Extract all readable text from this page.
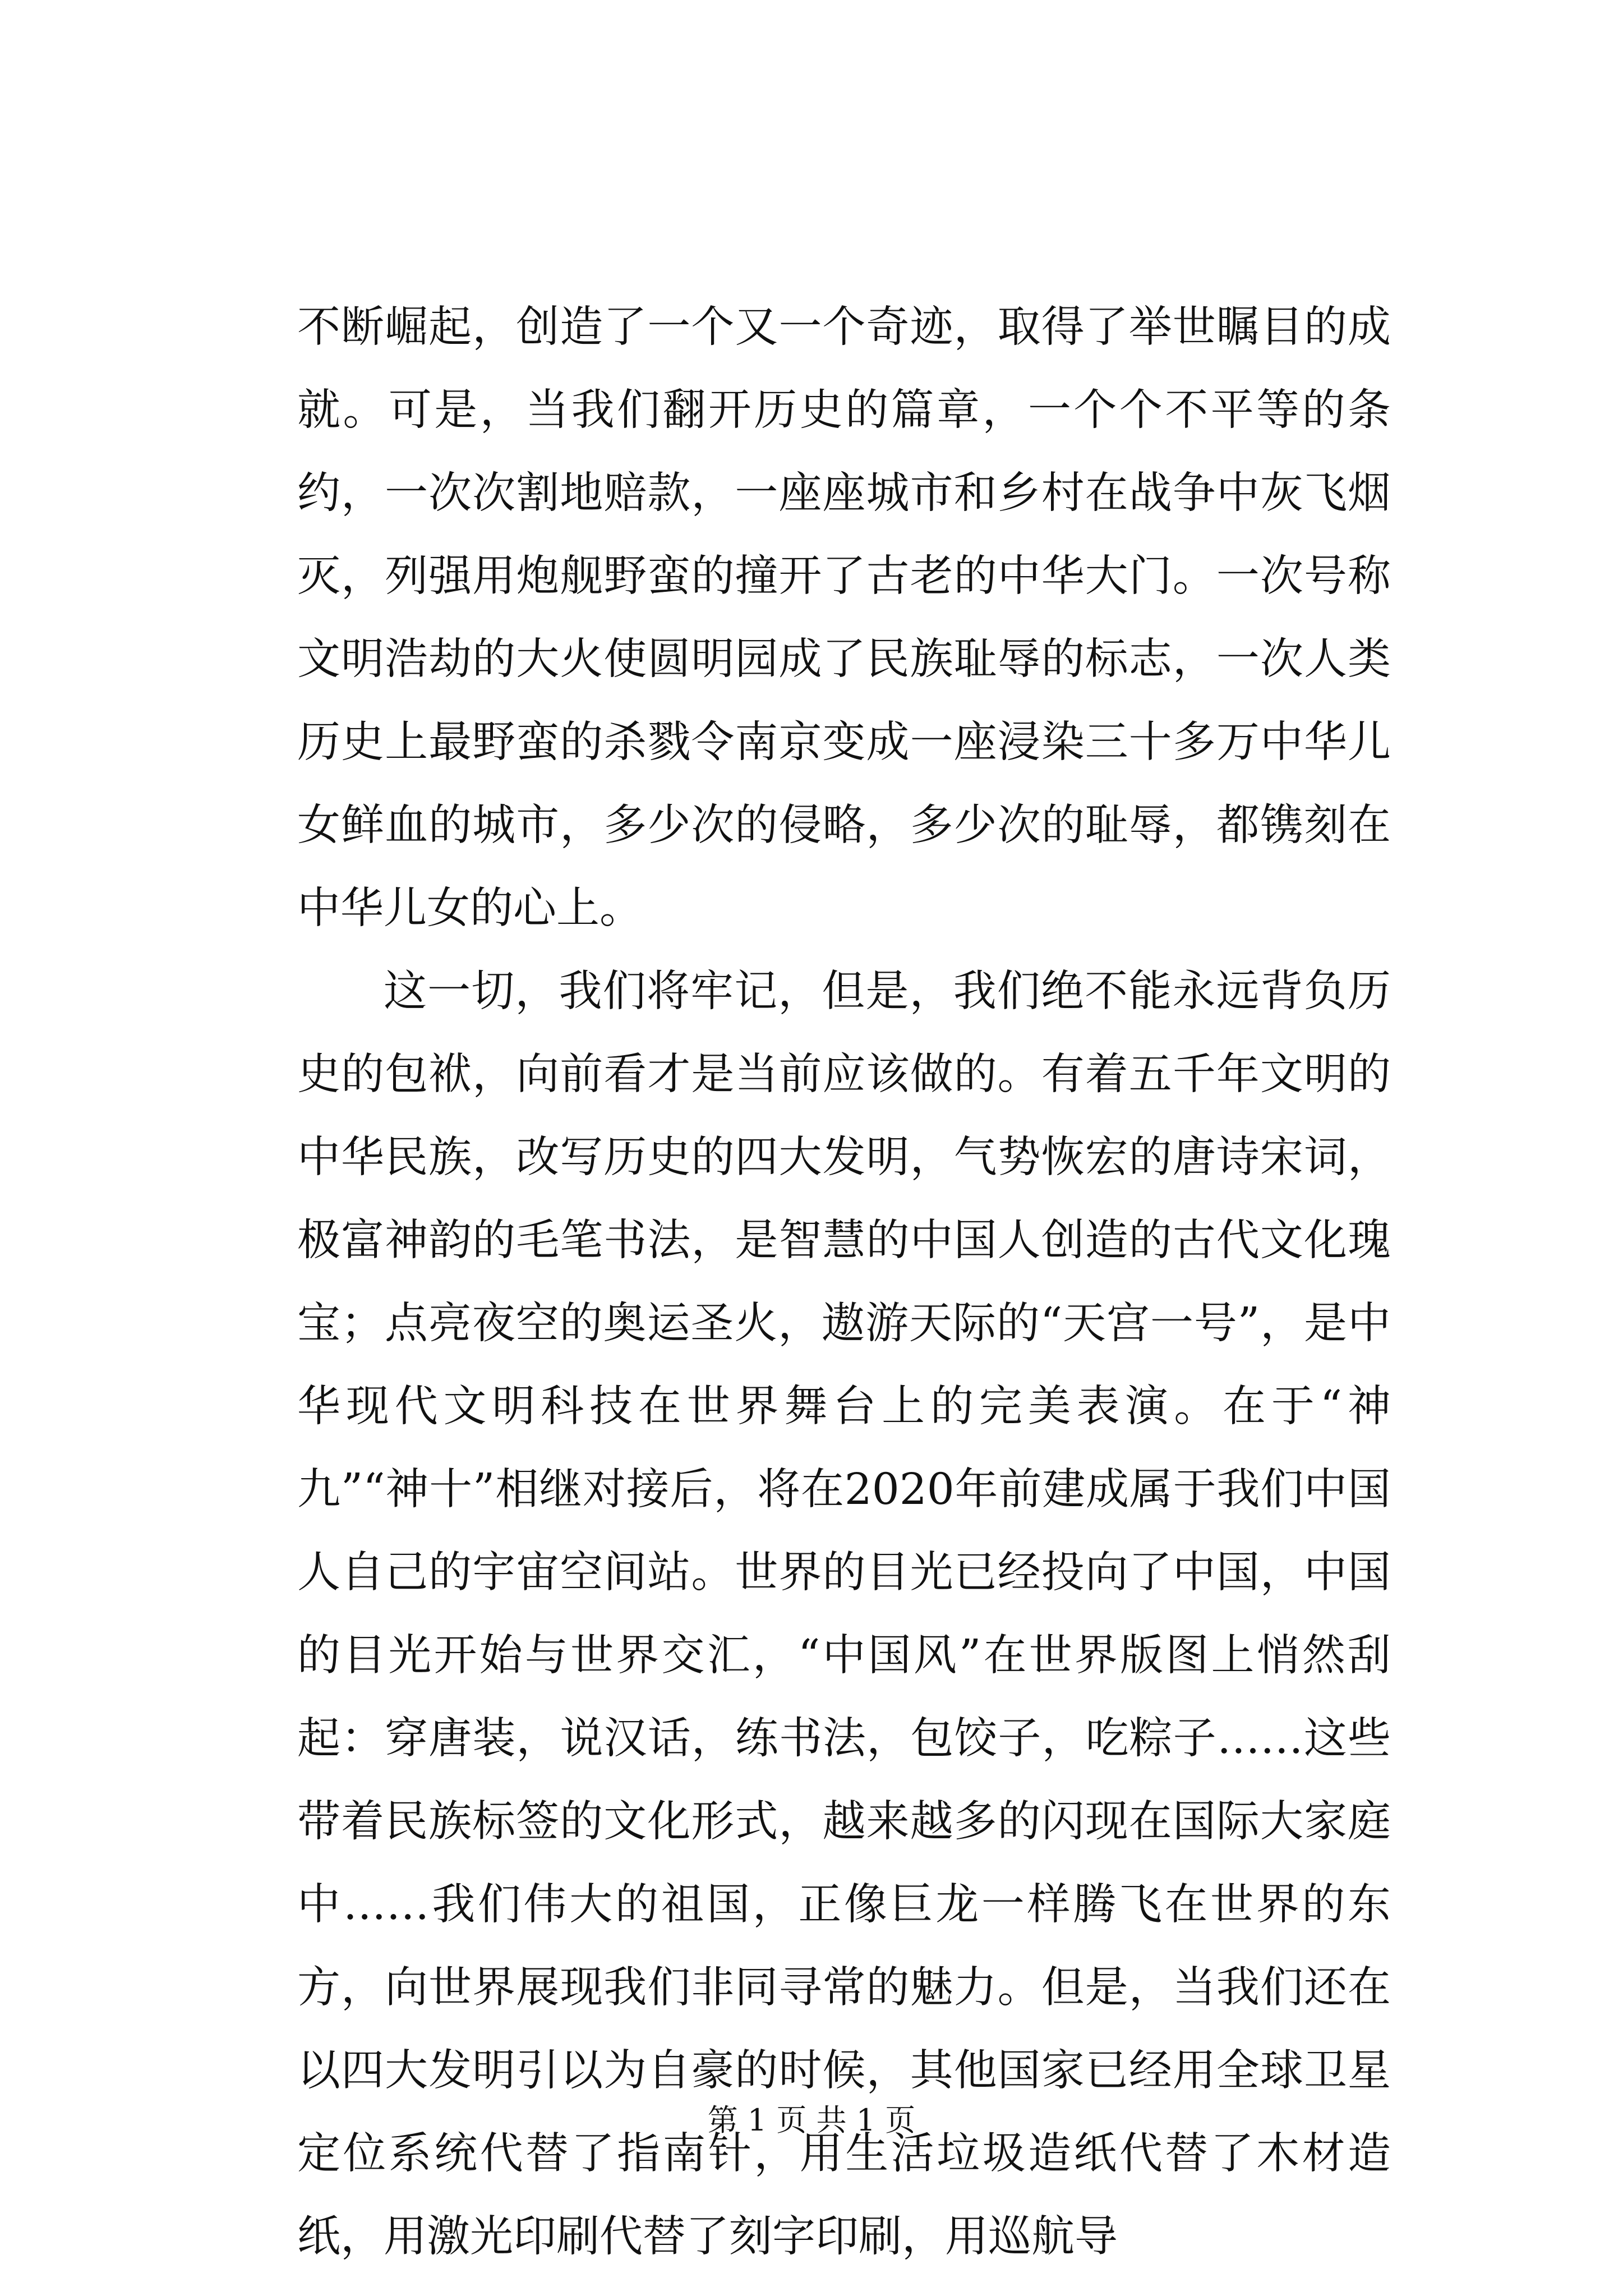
不断崛起，创造了一个又一个奇迹，取得了举世瞩目的成就。可是，当我们翻开历史的篇章，一个个不平等的条约，一次次割地赔款，一座座城市和乡村在战争中灰飞烟灭，列强用炮舰野蛮的撞开了古老的中华大门。一次号称文明浩劫的大火使圆明园成了民族耻辱的标志，一次人类历史上最野蛮的杀戮令南京变成一座浸染三十多万中华儿女鲜血的城市，多少次的侵略，多少次的耻辱，都镌刻在中华儿女的心上。

这一切，我们将牢记，但是，我们绝不能永远背负历史的包袱，向前看才是当前应该做的。有着五千年文明的中华民族，改写历史的四大发明，气势恢宏的唐诗宋词，极富神韵的毛笔书法，是智慧的中国人创造的古代文化瑰宝；点亮夜空的奥运圣火，遨游天际的“天宫一号”，是中华现代文明科技在世界舞台上的完美表演。在于“神九”“神十”相继对接后，将在2020年前建成属于我们中国人自己的宇宙空间站。世界的目光已经投向了中国，中国的目光开始与世界交汇，“中国风”在世界版图上悄然刮起：穿唐装，说汉话，练书法，包饺子，吃粽子……这些带着民族标签的文化形式，越来越多的闪现在国际大家庭中……我们伟大的祖国，正像巨龙一样腾飞在世界的东方，向世界展现我们非同寻常的魅力。但是，当我们还在以四大发明引以为自豪的时候，其他国家已经用全球卫星定位系统代替了指南针，用生活垃圾造纸代替了木材造纸，用激光印刷代替了刻字印刷，用巡航导

第 1 页 共 1 页
